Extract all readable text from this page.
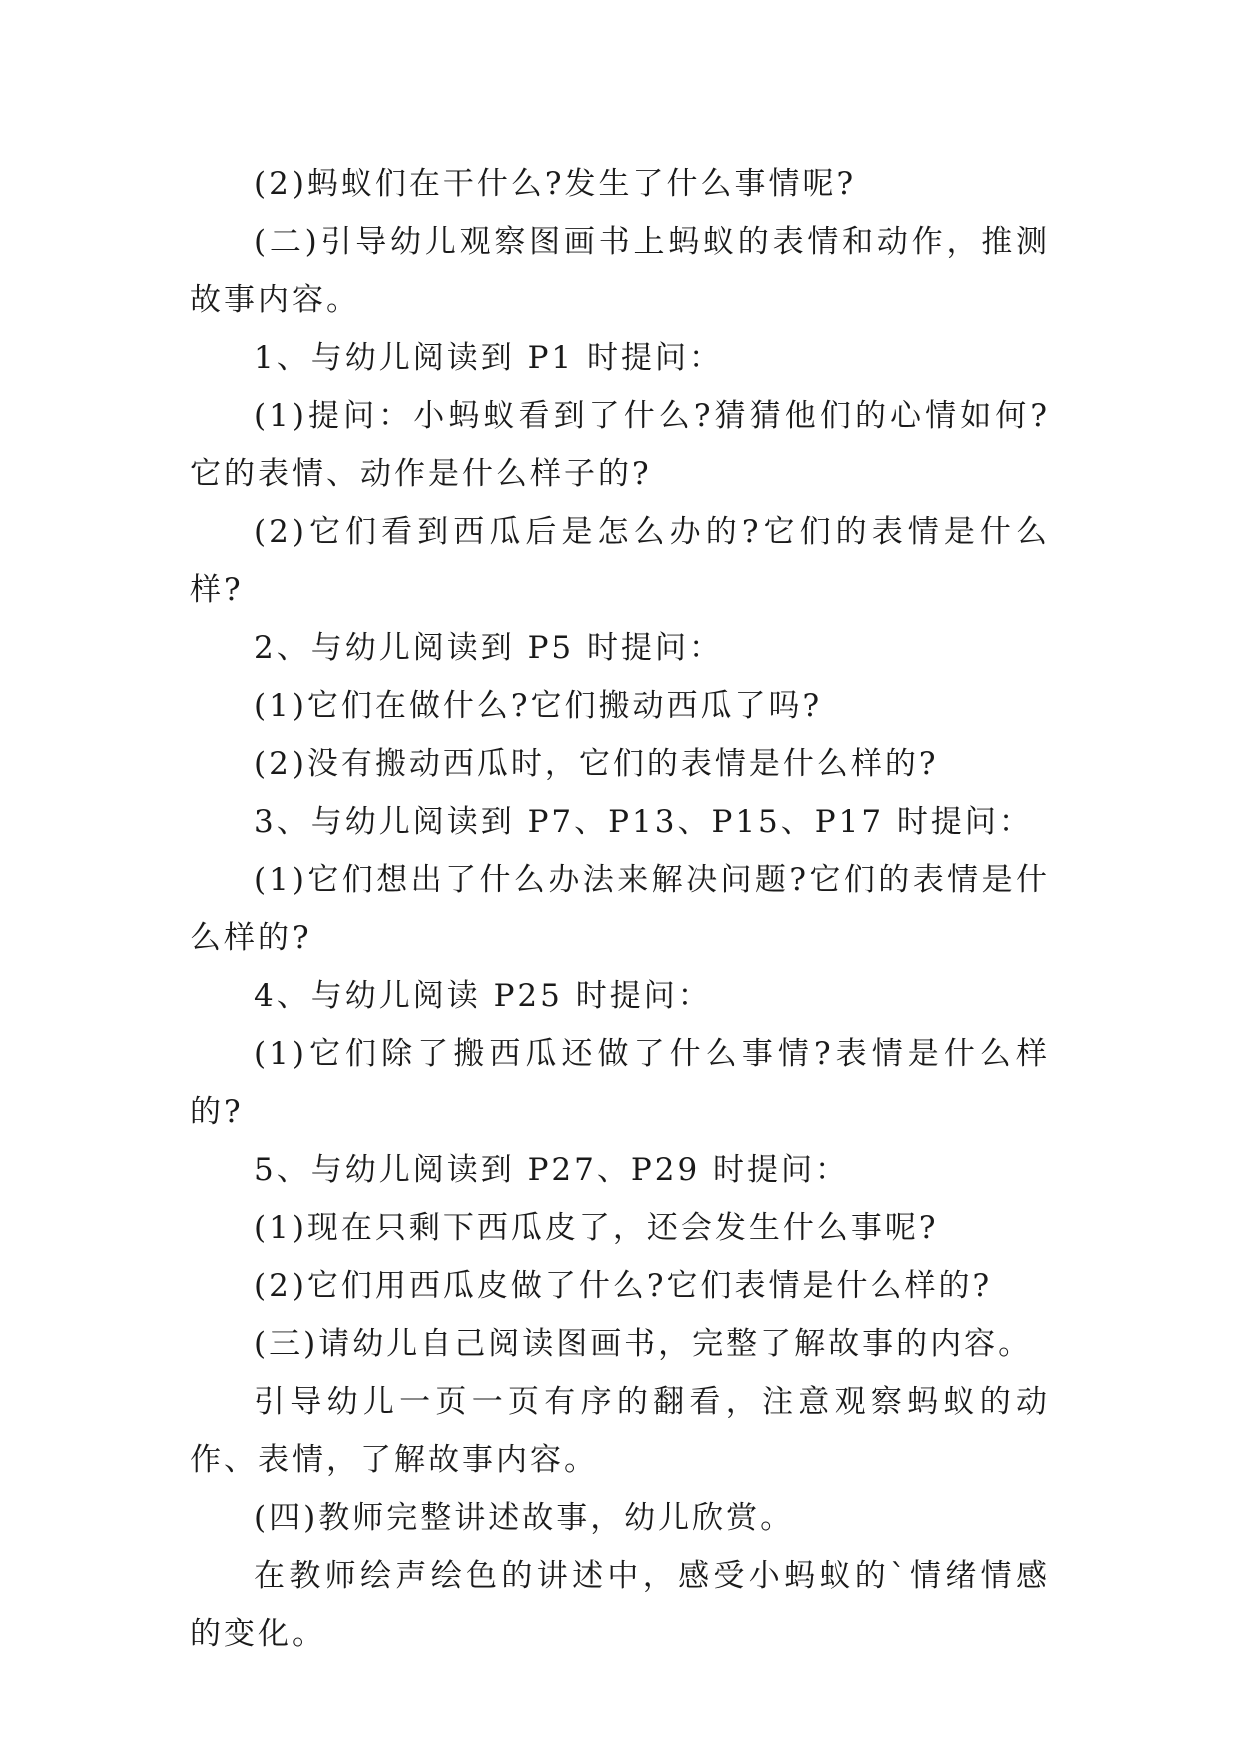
(2)蚂蚁们在干什么?发生了什么事情呢?

(二)引导幼儿观察图画书上蚂蚁的表情和动作，推测故事内容。

1、与幼儿阅读到 P1 时提问：

(1)提问：小蚂蚁看到了什么?猜猜他们的心情如何?它的表情、动作是什么样子的?

(2)它们看到西瓜后是怎么办的?它们的表情是什么样?

2、与幼儿阅读到 P5 时提问：

(1)它们在做什么?它们搬动西瓜了吗?

(2)没有搬动西瓜时，它们的表情是什么样的?

3、与幼儿阅读到 P7、P13、P15、P17 时提问：

(1)它们想出了什么办法来解决问题?它们的表情是什么样的?

4、与幼儿阅读 P25 时提问：

(1)它们除了搬西瓜还做了什么事情?表情是什么样的?

5、与幼儿阅读到 P27、P29 时提问：

(1)现在只剩下西瓜皮了，还会发生什么事呢?

(2)它们用西瓜皮做了什么?它们表情是什么样的?

(三)请幼儿自己阅读图画书，完整了解故事的内容。

引导幼儿一页一页有序的翻看，注意观察蚂蚁的动作、表情，了解故事内容。

(四)教师完整讲述故事，幼儿欣赏。

在教师绘声绘色的讲述中，感受小蚂蚁的`情绪情感的变化。
